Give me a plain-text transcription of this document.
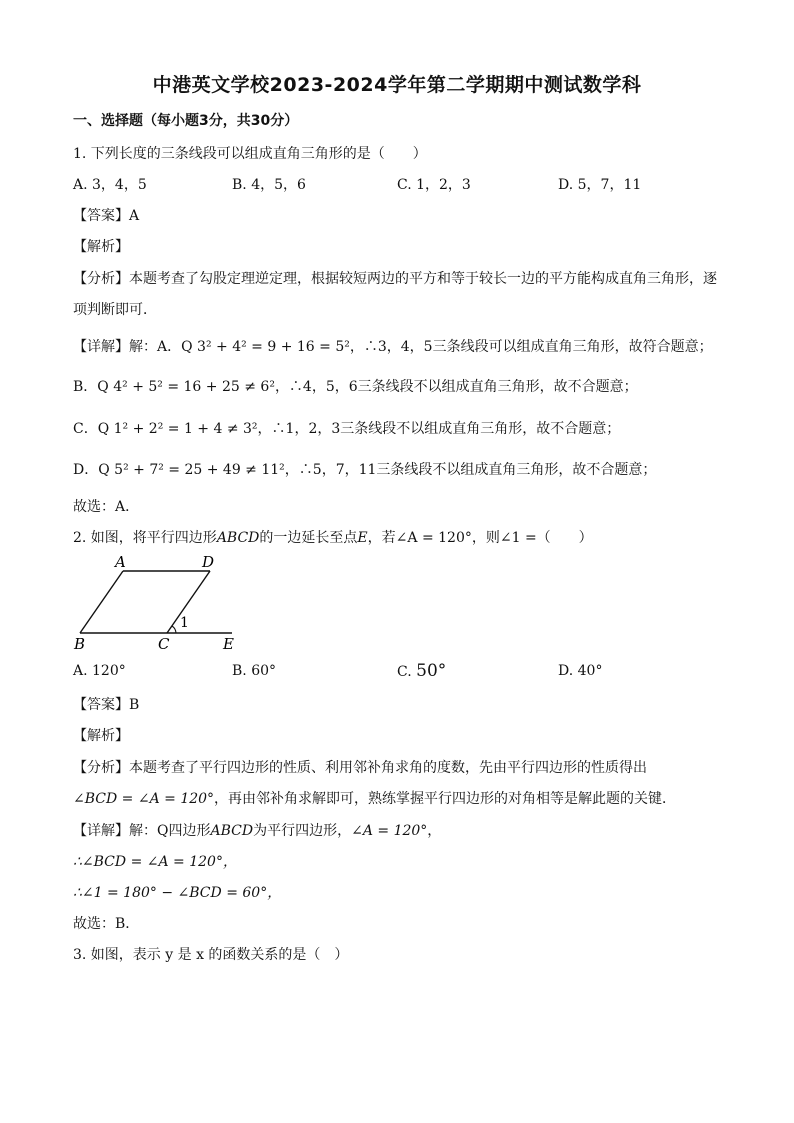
中港英文学校2023-2024学年第二学期期中测试数学科
一、选择题（每小题3分，共30分）
1. 下列长度的三条线段可以组成直角三角形的是（　　）
A. 3，4，5	B. 4，5，6	C. 1，2，3	D. 5，7，11
【答案】A
【解析】
【分析】本题考查了勾股定理逆定理，根据较短两边的平方和等于较长一边的平方能构成直角三角形，逐
项判断即可．
【详解】解：A．Q 3² + 4² = 9 + 16 = 5²，∴3，4，5三条线段可以组成直角三角形，故符合题意；
B．Q 4² + 5² = 16 + 25 ≠ 6²，∴4，5，6三条线段不以组成直角三角形，故不合题意；
C．Q 1² + 2² = 1 + 4 ≠ 3²，∴1，2，3三条线段不以组成直角三角形，故不合题意；
D．Q 5² + 7² = 25 + 49 ≠ 11²，∴5，7，11三条线段不以组成直角三角形，故不合题意；
故选：A．
2. 如图，将平行四边形ABCD的一边延长至点E，若∠A = 120°，则∠1 =（　　）
A	D
B	C	E
1
A. 120°	B. 60°	C. 50°	D. 40°
【答案】B
【解析】
【分析】本题考查了平行四边形的性质、利用邻补角求角的度数，先由平行四边形的性质得出
∠BCD = ∠A = 120°，再由邻补角求解即可，熟练掌握平行四边形的对角相等是解此题的关键．
【详解】解：Q四边形ABCD为平行四边形，∠A = 120°，
∴∠BCD = ∠A = 120°，
∴∠1 = 180° − ∠BCD = 60°，
故选：B．
3. 如图，表示 y 是 x 的函数关系的是（　）
